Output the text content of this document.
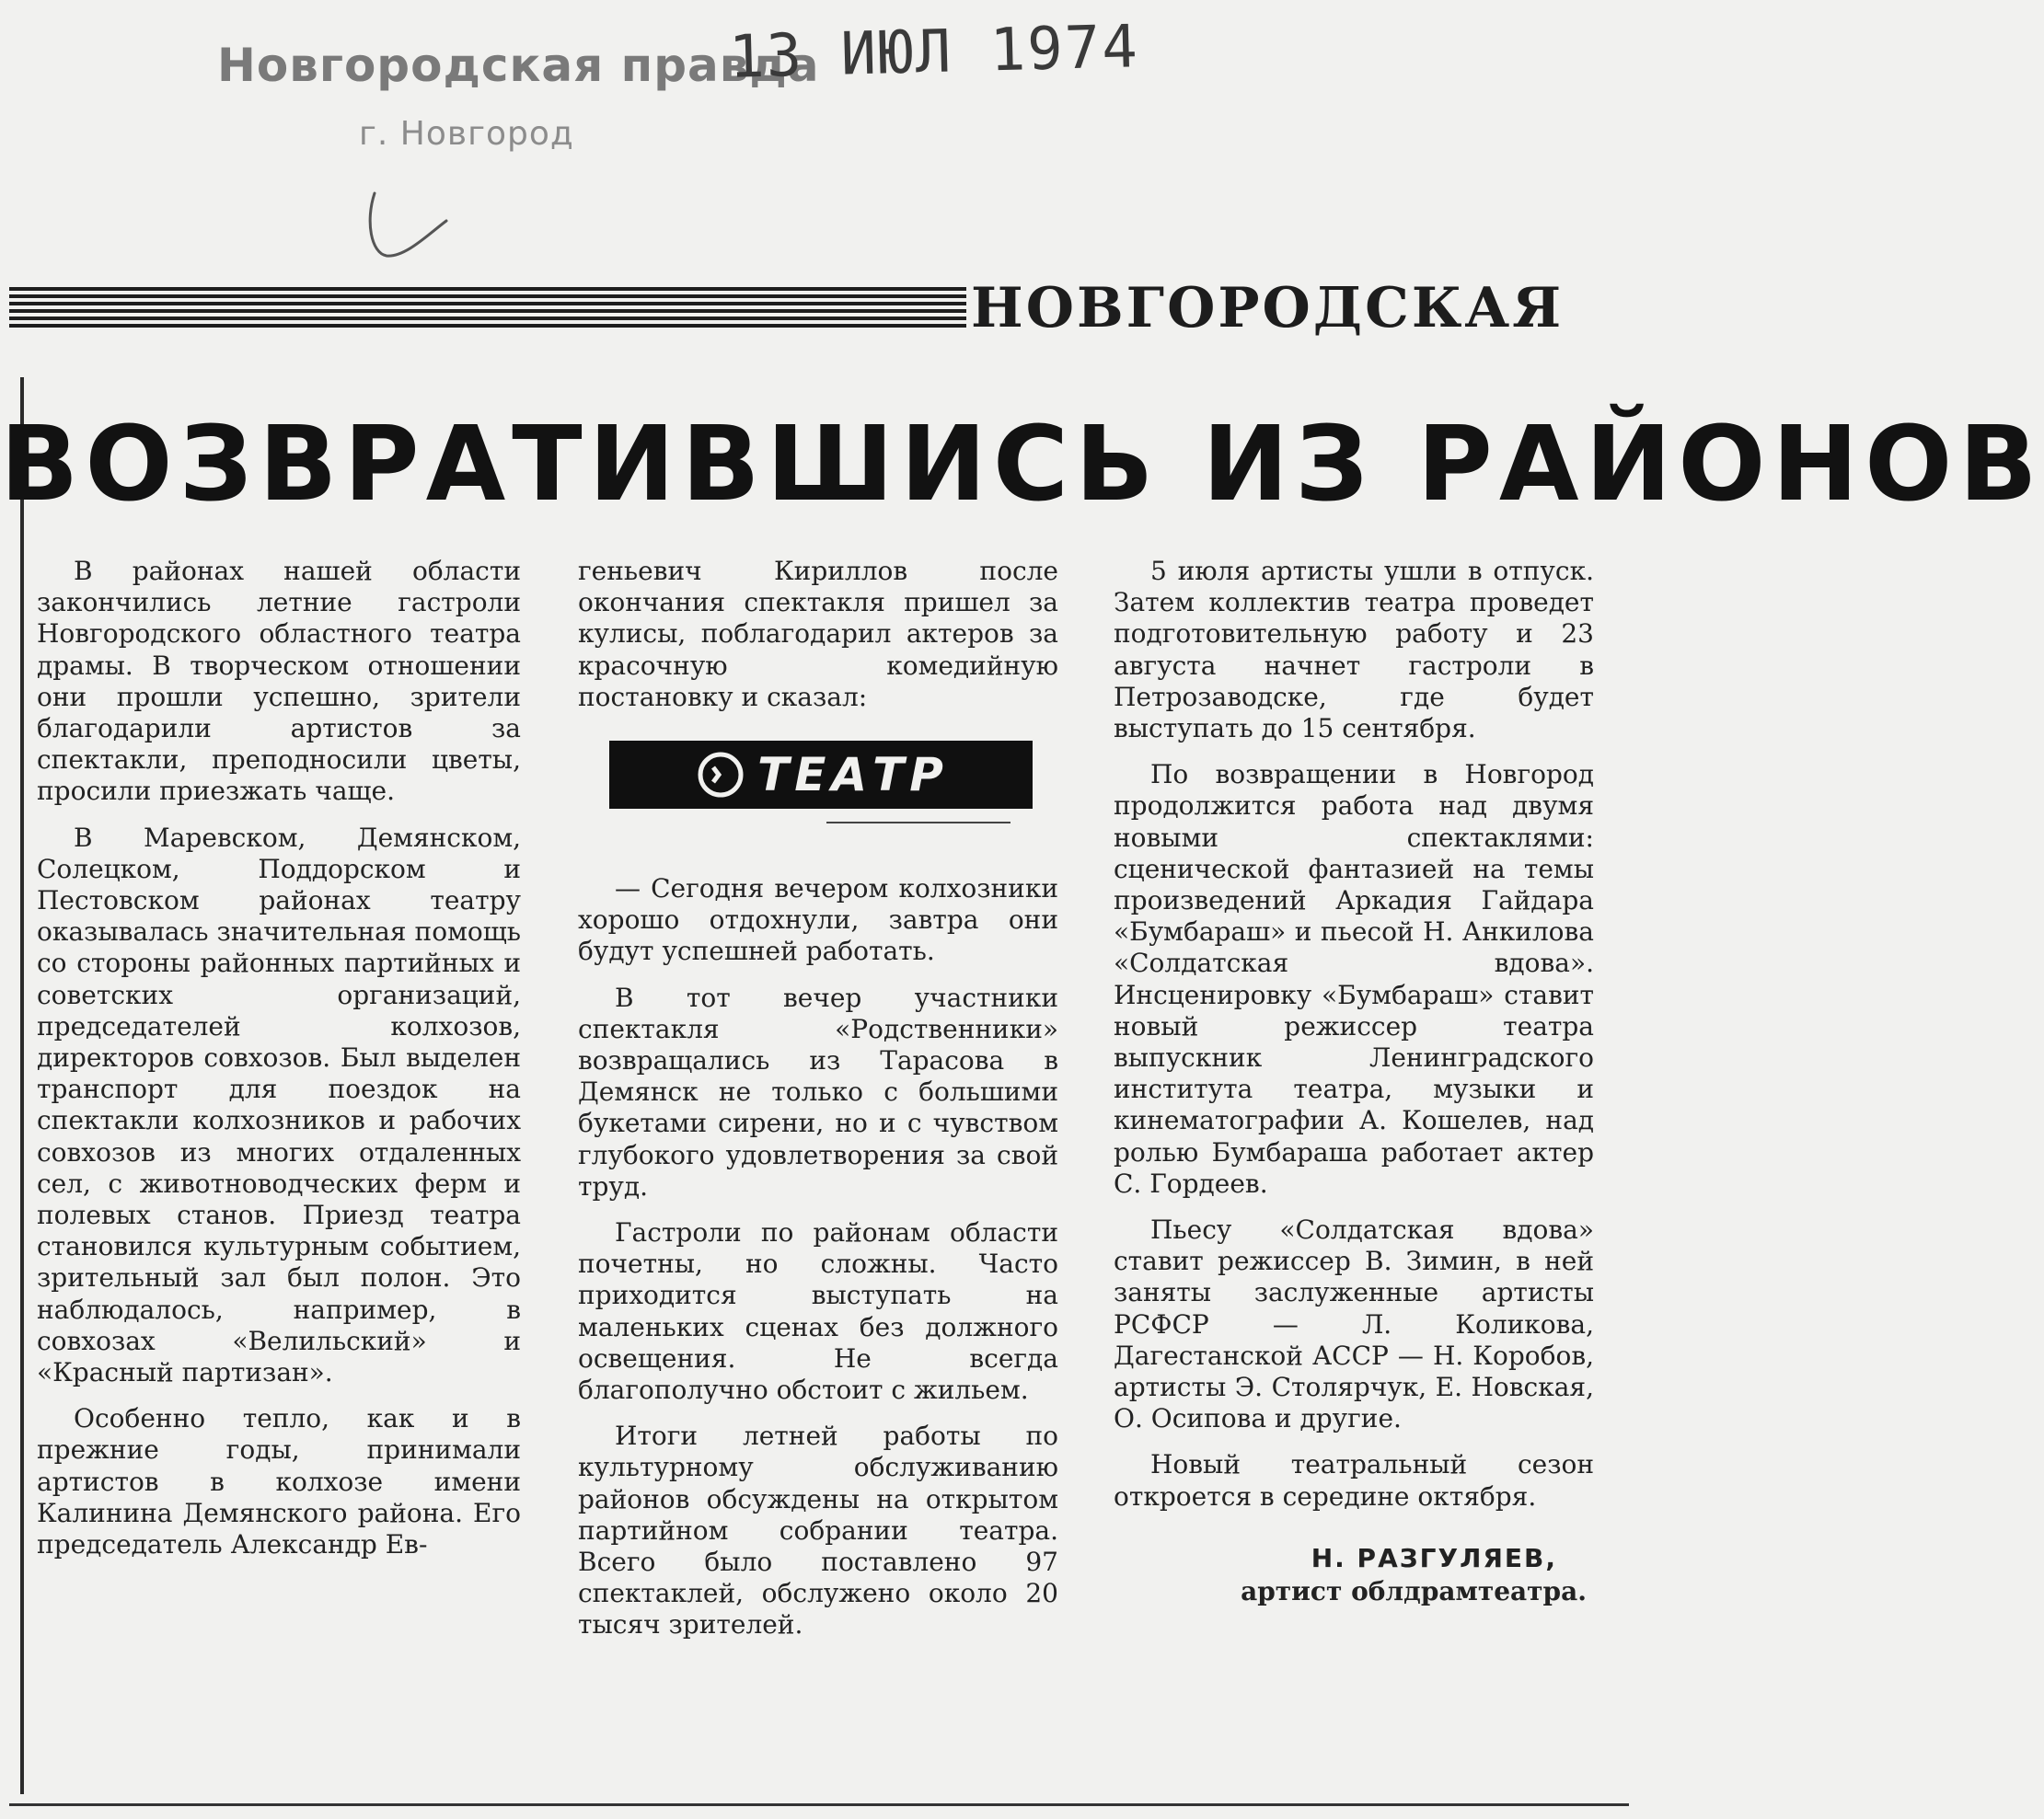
Новгородская правда
13 ИЮЛ 1974
г. Новгород
НОВГОРОДСКАЯ
ВОЗВРАТИВШИСЬ ИЗ РАЙОНОВ

В районах нашей области закончились летние гастроли Новгородского областного театра драмы. В творческом отношении они прошли успешно, зрители благодарили артистов за спектакли, преподносили цветы, просили приезжать чаще.

В Маревском, Демянском, Солецком, Поддорском и Пестовском районах театру оказывалась значительная помощь со стороны районных партийных и советских организаций, председателей колхозов, директоров совхозов. Был выделен транспорт для поездок на спектакли колхозников и рабочих совхозов из многих отдаленных сел, с животноводческих ферм и полевых станов. Приезд театра становился культурным событием, зрительный зал был полон. Это наблюдалось, например, в совхозах «Велильский» и «Красный партизан».

Особенно тепло, как и в прежние годы, принимали артистов в колхозе имени Калинина Демянского района. Его председатель Александр Ев-

геньевич Кириллов после окончания спектакля пришел за кулисы, поблагодарил актеров за красочную комедийную постановку и сказал:

ТЕАТР

— Сегодня вечером колхозники хорошо отдохнули, завтра они будут успешней работать.

В тот вечер участники спектакля «Родственники» возвращались из Тарасова в Демянск не только с большими букетами сирени, но и с чувством глубокого удовлетворения за свой труд.

Гастроли по районам области почетны, но сложны. Часто приходится выступать на маленьких сценах без должного освещения. Не всегда благополучно обстоит с жильем.

Итоги летней работы по культурному обслуживанию районов обсуждены на открытом партийном собрании театра. Всего было поставлено 97 спектаклей, обслужено около 20 тысяч зрителей.

5 июля артисты ушли в отпуск. Затем коллектив театра проведет подготовительную работу и 23 августа начнет гастроли в Петрозаводске, где будет выступать до 15 сентября.

По возвращении в Новгород продолжится работа над двумя новыми спектаклями: сценической фантазией на темы произведений Аркадия Гайдара «Бумбараш» и пьесой Н. Анкилова «Солдатская вдова». Инсценировку «Бумбараш» ставит новый режиссер театра выпускник Ленинградского института театра, музыки и кинематографии А. Кошелев, над ролью Бумбараша работает актер С. Гордеев.

Пьесу «Солдатская вдова» ставит режиссер В. Зимин, в ней заняты заслуженные артисты РСФСР — Л. Коликова, Дагестанской АССР — Н. Коробов, артисты Э. Столярчук, Е. Новская, О. Осипова и другие.

Новый театральный сезон откроется в середине октября.

Н. РАЗГУЛЯЕВ,
артист облдрамтеатра.
